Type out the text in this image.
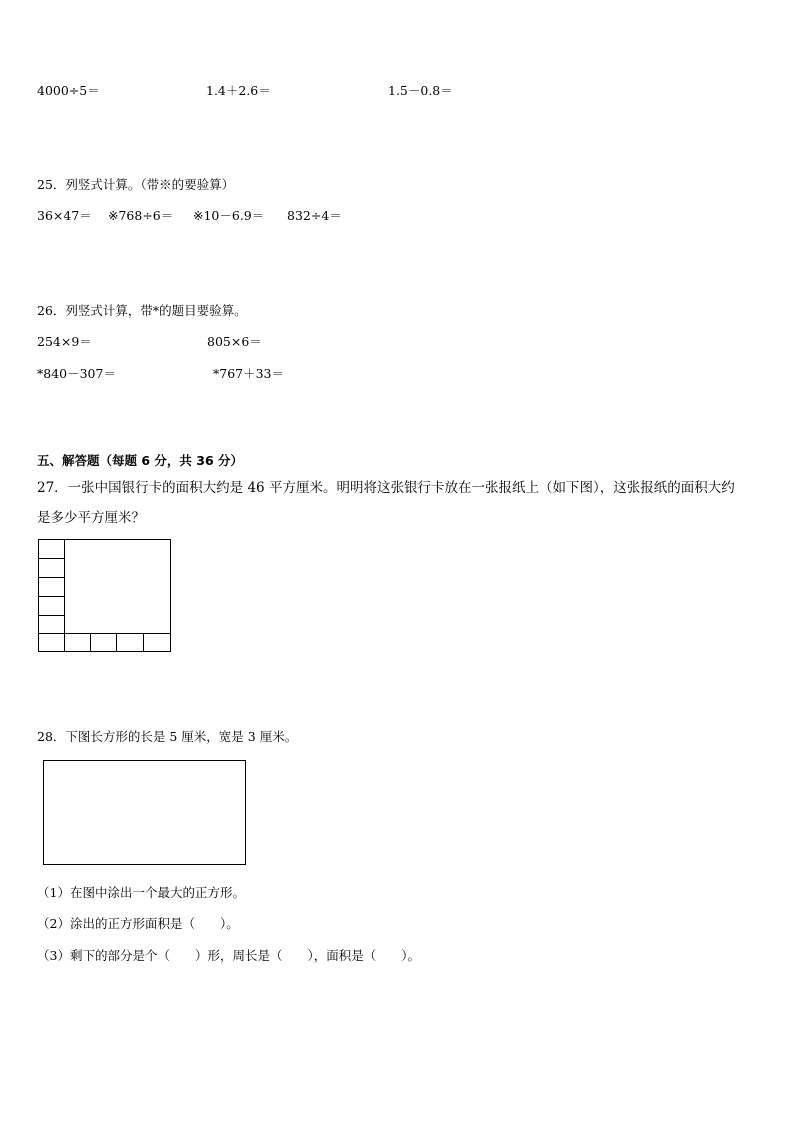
4000÷5＝	1.4＋2.6＝	1.5－0.8＝
25．列竖式计算。（带※的要验算）
36×47＝ ※768÷6＝ ※10－6.9＝ 832÷4＝
26．列竖式计算，带*的题目要验算。
254×9＝	805×6＝
*840－307＝	*767＋33＝
五、解答题（每题 6 分，共 36 分）
27．一张中国银行卡的面积大约是 46 平方厘米。明明将这张银行卡放在一张报纸上（如下图），这张报纸的面积大约
是多少平方厘米？
28．下图长方形的长是 5 厘米，宽是 3 厘米。
（1）在图中涂出一个最大的正方形。
（2）涂出的正方形面积是（　　）。
（3）剩下的部分是个（　　）形，周长是（　　），面积是（　　）。
